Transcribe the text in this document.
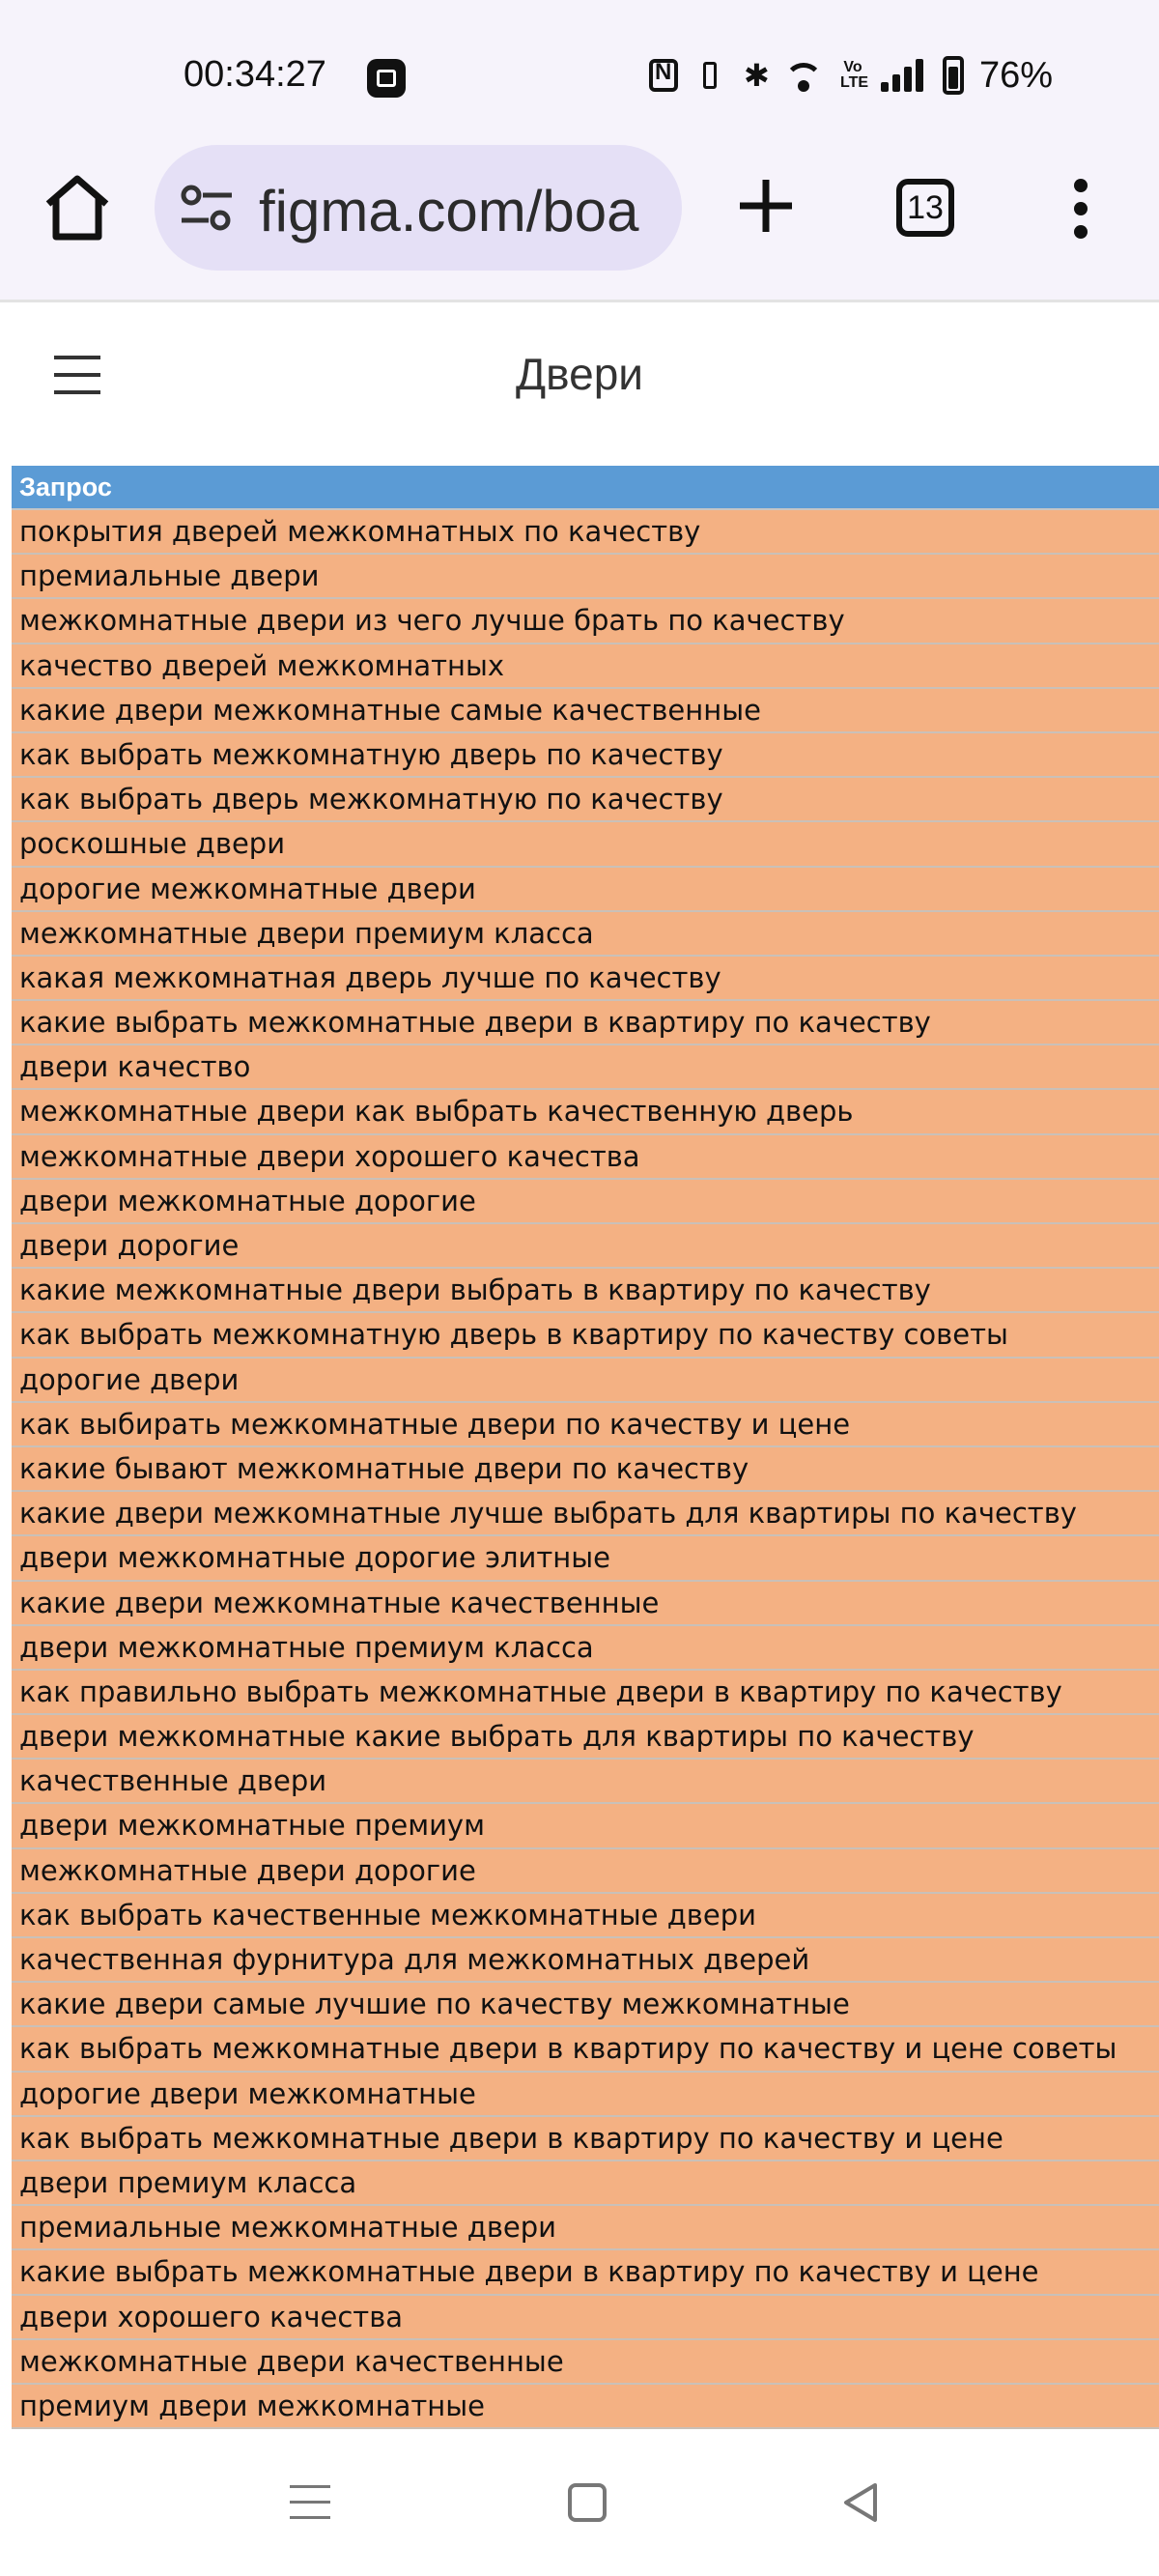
00:34:27
N	✱	Vo
LTE	76%
figma.com/boa	13
Двери
Запрос
покрытия дверей межкомнатных по качеству
премиальные двери
межкомнатные двери из чего лучше брать по качеству
качество дверей межкомнатных
какие двери межкомнатные самые качественные
как выбрать межкомнатную дверь по качеству
как выбрать дверь межкомнатную по качеству
роскошные двери
дорогие межкомнатные двери
межкомнатные двери премиум класса
какая межкомнатная дверь лучше по качеству
какие выбрать межкомнатные двери в квартиру по качеству
двери качество
межкомнатные двери как выбрать качественную дверь
межкомнатные двери хорошего качества
двери межкомнатные дорогие
двери дорогие
какие межкомнатные двери выбрать в квартиру по качеству
как выбрать межкомнатную дверь в квартиру по качеству советы
дорогие двери
как выбирать межкомнатные двери по качеству и цене
какие бывают межкомнатные двери по качеству
какие двери межкомнатные лучше выбрать для квартиры по качеству
двери межкомнатные дорогие элитные
какие двери межкомнатные качественные
двери межкомнатные премиум класса
как правильно выбрать межкомнатные двери в квартиру по качеству
двери межкомнатные какие выбрать для квартиры по качеству
качественные двери
двери межкомнатные премиум
межкомнатные двери дорогие
как выбрать качественные межкомнатные двери
качественная фурнитура для межкомнатных дверей
какие двери самые лучшие по качеству межкомнатные
как выбрать межкомнатные двери в квартиру по качеству и цене советы
дорогие двери межкомнатные
как выбрать межкомнатные двери в квартиру по качеству и цене
двери премиум класса
премиальные межкомнатные двери
какие выбрать межкомнатные двери в квартиру по качеству и цене
двери хорошего качества
межкомнатные двери качественные
премиум двери межкомнатные
